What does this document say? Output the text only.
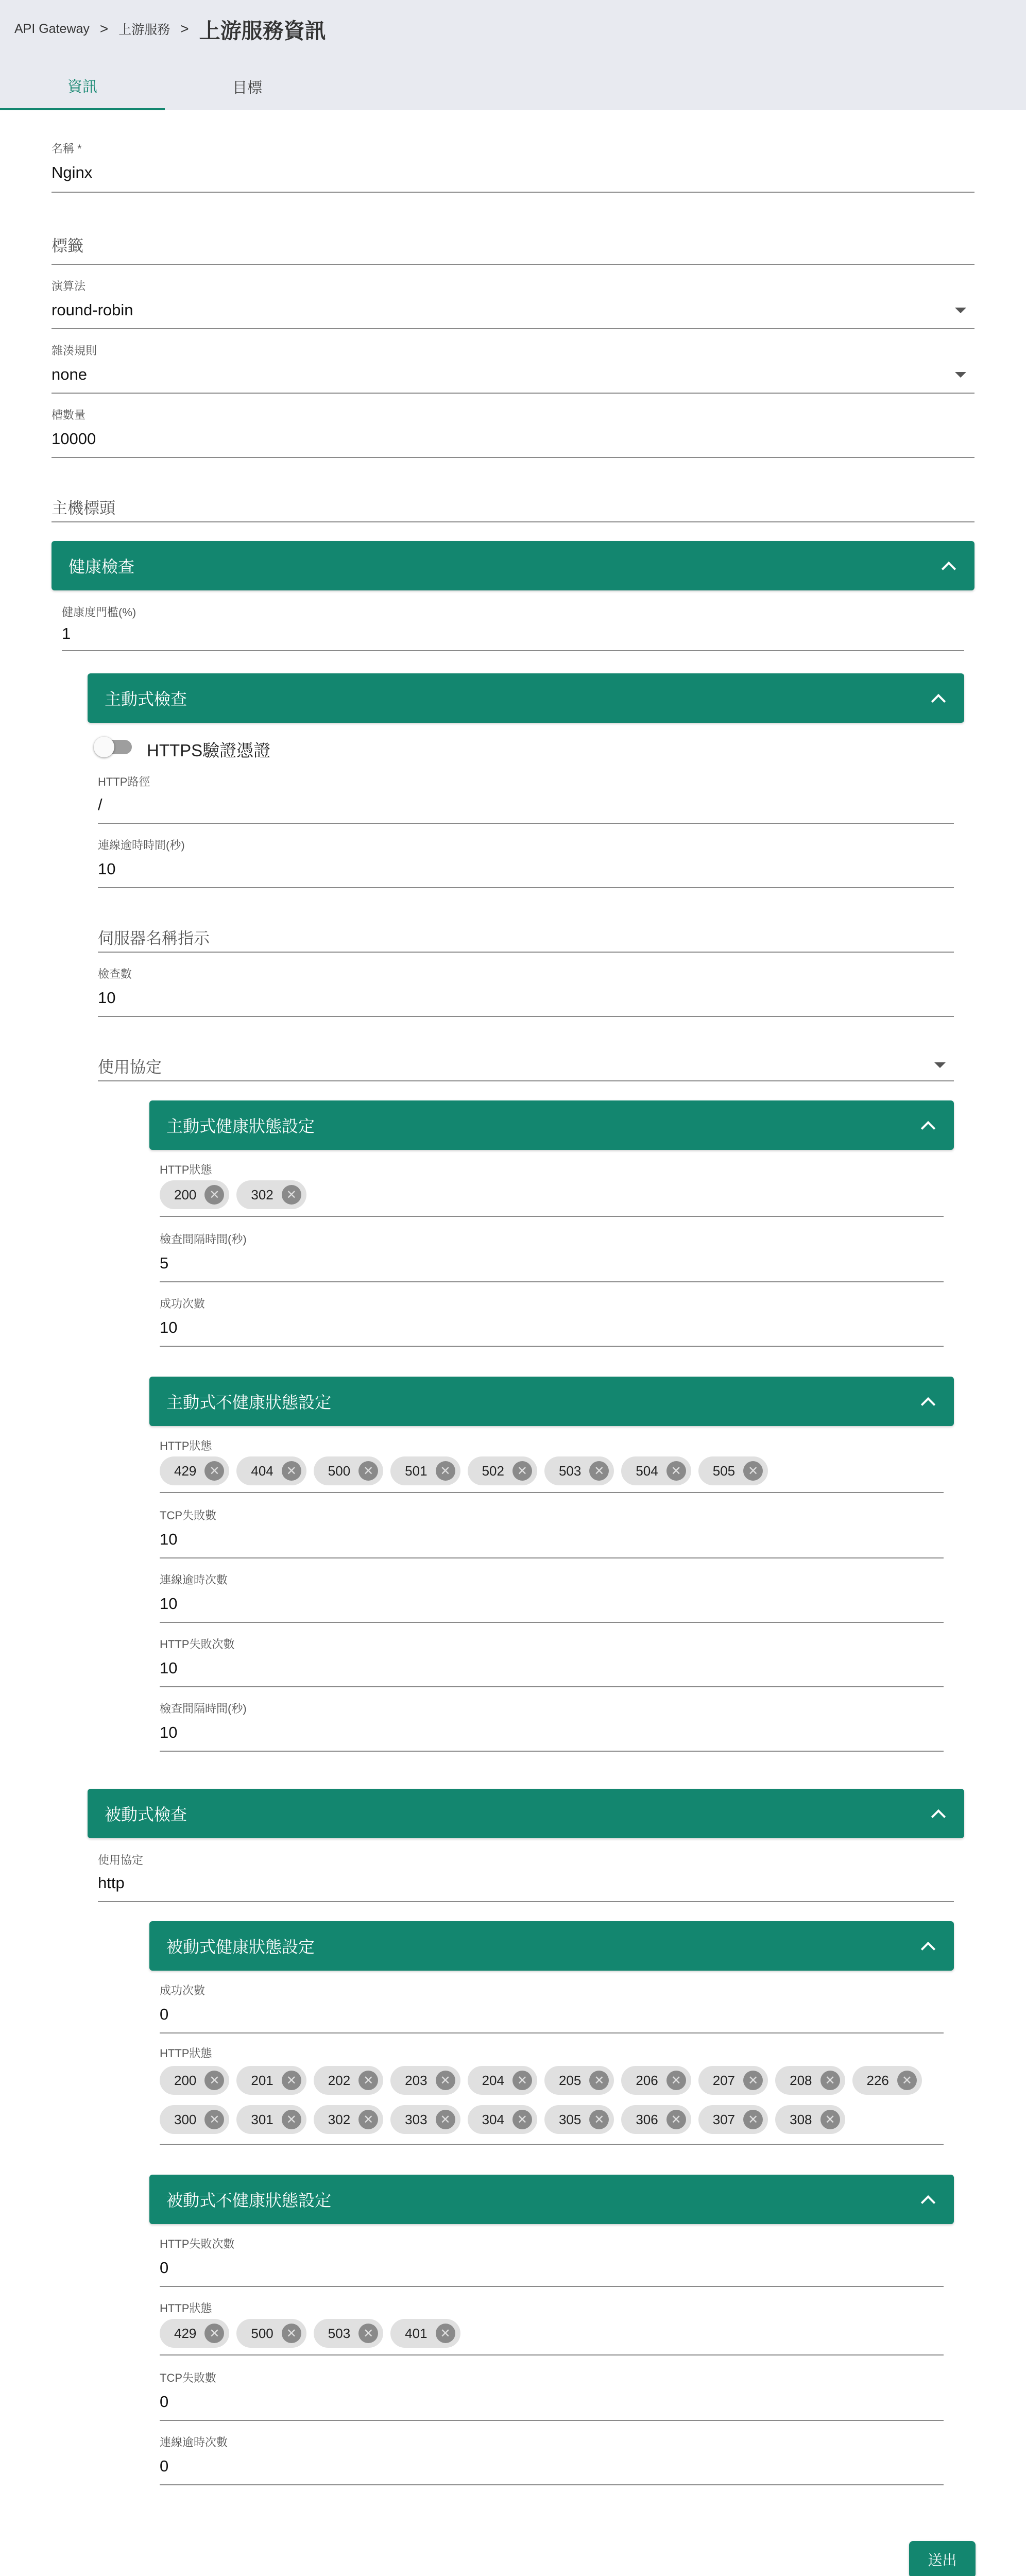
API Gateway > 上游服務 > 上游服務資訊
資訊	目標
名稱 *
Nginx
標籤
演算法
round-robin
雜湊規則
none
槽數量
10000
主機標頭
健康檢查
健康度門檻(%)
1
主動式檢查
HTTPS驗證憑證
HTTP路徑
/
連線逾時時間(秒)
10
伺服器名稱指示
檢查數
10
使用協定
主動式健康狀態設定
HTTP狀態
200	✕	302	✕
檢查間隔時間(秒)
5
成功次數
10
主動式不健康狀態設定
HTTP狀態
429	✕	404	✕	500	✕	501	✕	502	✕	503	✕	504	✕	505	✕
TCP失敗數
10
連線逾時次數
10
HTTP失敗次數
10
檢查間隔時間(秒)
10
被動式檢查
使用協定
http
被動式健康狀態設定
成功次數
0
HTTP狀態
200	✕	201	✕	202	✕	203	✕	204	✕	205	✕	206	✕	207	✕	208	✕	226	✕
300	✕	301	✕	302	✕	303	✕	304	✕	305	✕	306	✕	307	✕	308	✕
被動式不健康狀態設定
HTTP失敗次數
0
HTTP狀態
429	✕	500	✕	503	✕	401	✕
TCP失敗數
0
連線逾時次數
0
送出
